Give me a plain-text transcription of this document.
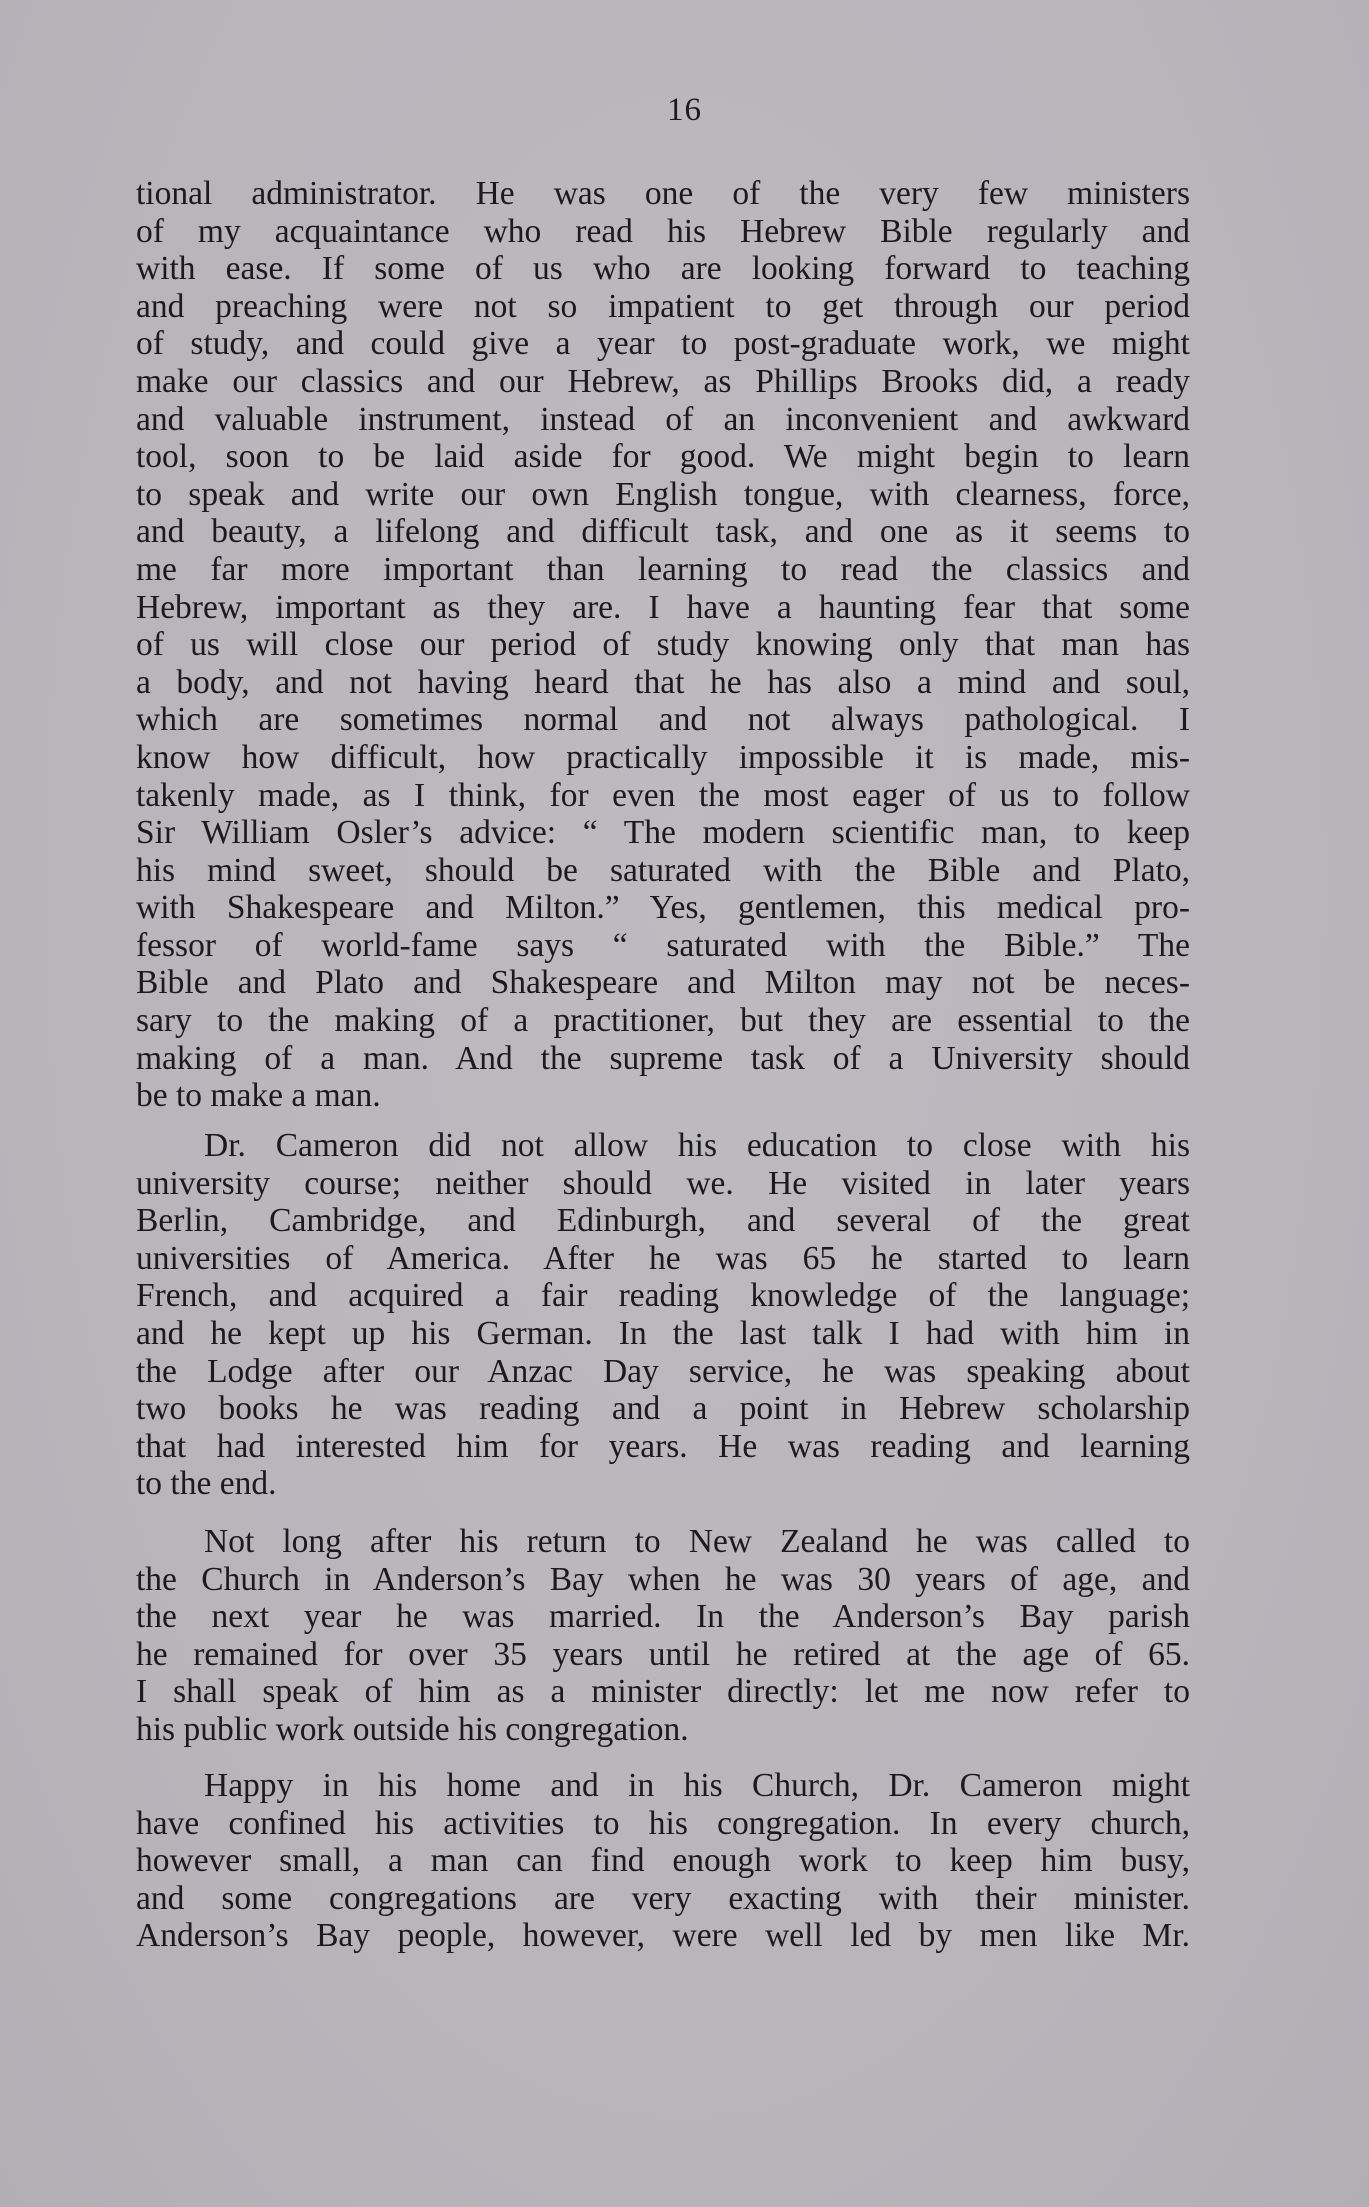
16

tional administrator. He was one of the very few ministers
of my acquaintance who read his Hebrew Bible regularly and
with ease. If some of us who are looking forward to teaching
and preaching were not so impatient to get through our period
of study, and could give a year to post-graduate work, we might
make our classics and our Hebrew, as Phillips Brooks did, a ready
and valuable instrument, instead of an inconvenient and awkward
tool, soon to be laid aside for good. We might begin to learn
to speak and write our own English tongue, with clearness, force,
and beauty, a lifelong and difficult task, and one as it seems to
me far more important than learning to read the classics and
Hebrew, important as they are. I have a haunting fear that some
of us will close our period of study knowing only that man has
a body, and not having heard that he has also a mind and soul,
which are sometimes normal and not always pathological. I
know how difficult, how practically impossible it is made, mis-
takenly made, as I think, for even the most eager of us to follow
Sir William Osler’s advice: “ The modern scientific man, to keep
his mind sweet, should be saturated with the Bible and Plato,
with Shakespeare and Milton.” Yes, gentlemen, this medical pro-
fessor of world-fame says “ saturated with the Bible.” The
Bible and Plato and Shakespeare and Milton may not be neces-
sary to the making of a practitioner, but they are essential to the
making of a man. And the supreme task of a University should
be to make a man.

Dr. Cameron did not allow his education to close with his
university course; neither should we. He visited in later years
Berlin, Cambridge, and Edinburgh, and several of the great
universities of America. After he was 65 he started to learn
French, and acquired a fair reading knowledge of the language;
and he kept up his German. In the last talk I had with him in
the Lodge after our Anzac Day service, he was speaking about
two books he was reading and a point in Hebrew scholarship
that had interested him for years. He was reading and learning
to the end.

Not long after his return to New Zealand he was called to
the Church in Anderson’s Bay when he was 30 years of age, and
the next year he was married. In the Anderson’s Bay parish
he remained for over 35 years until he retired at the age of 65.
I shall speak of him as a minister directly: let me now refer to
his public work outside his congregation.

Happy in his home and in his Church, Dr. Cameron might
have confined his activities to his congregation. In every church,
however small, a man can find enough work to keep him busy,
and some congregations are very exacting with their minister.
Anderson’s Bay people, however, were well led by men like Mr.
